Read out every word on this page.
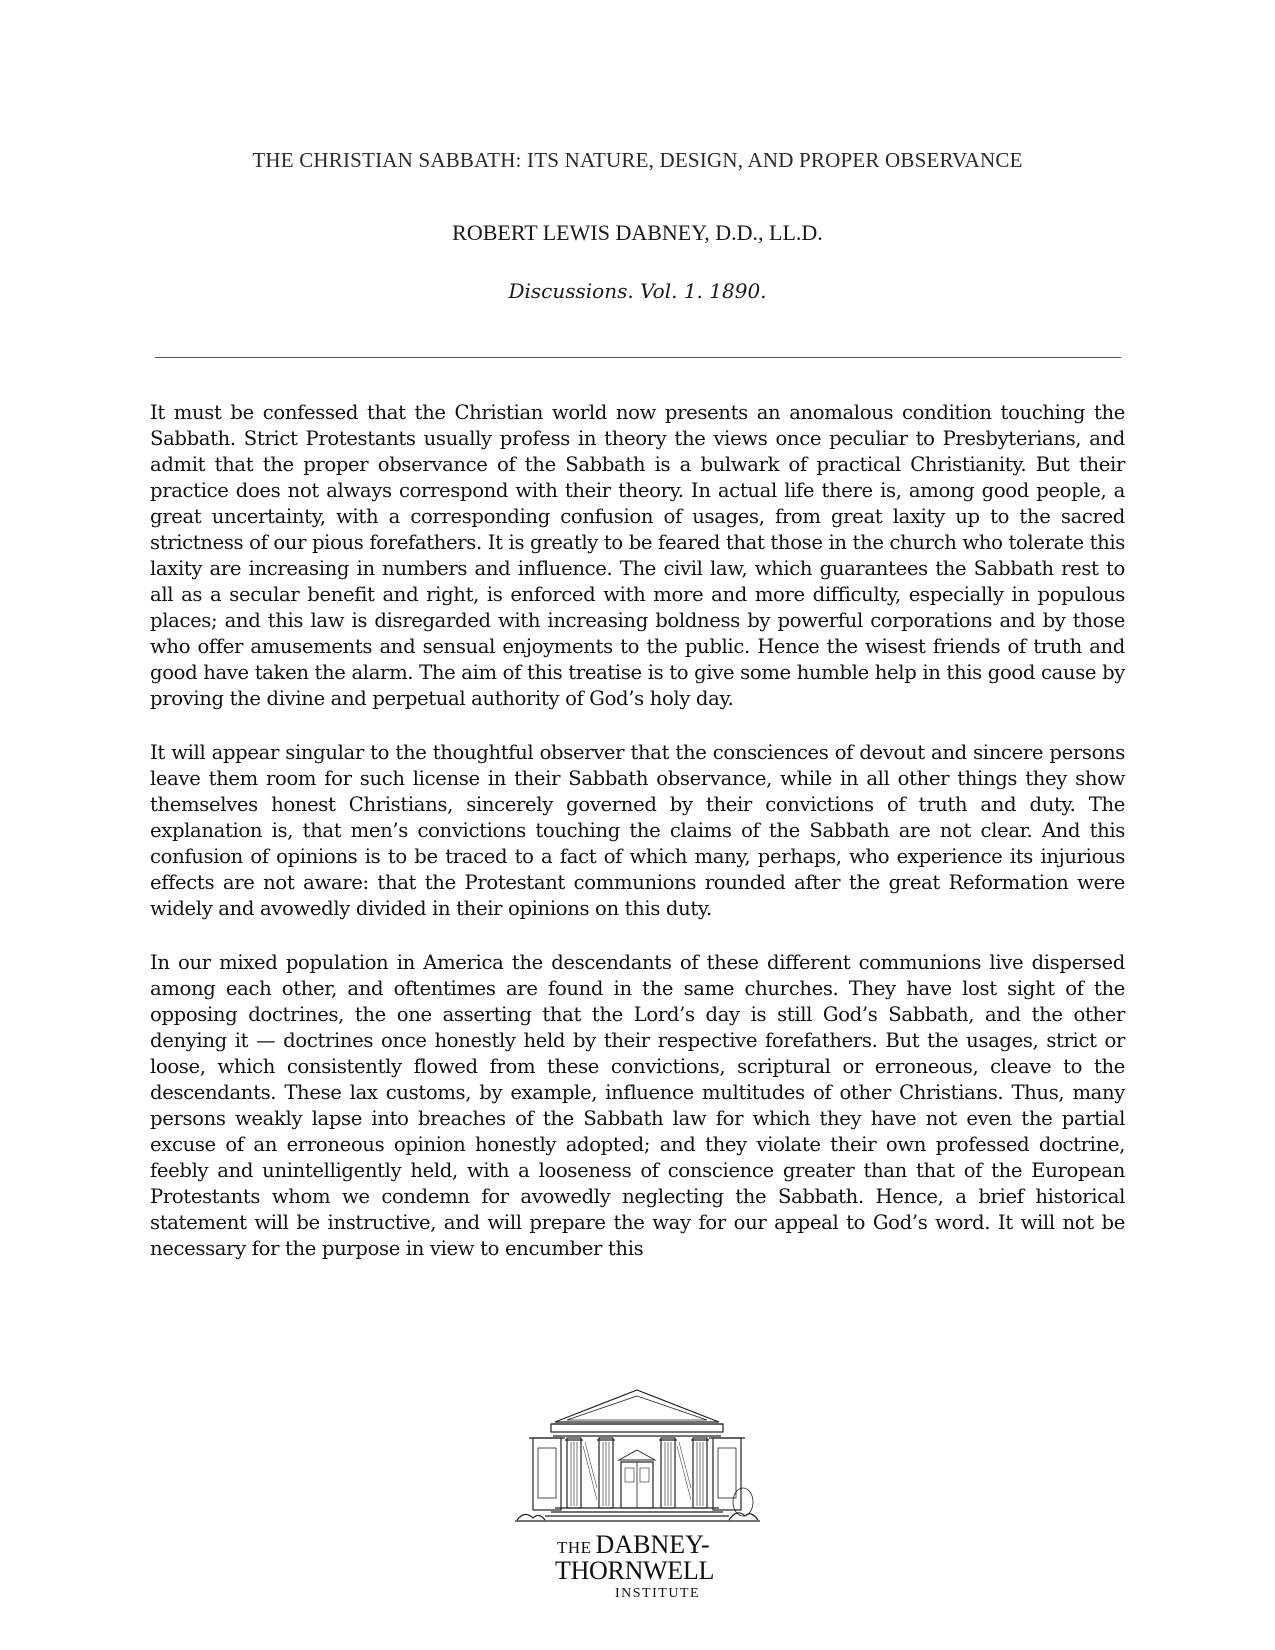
THE CHRISTIAN SABBATH: ITS NATURE, DESIGN, AND PROPER OBSERVANCE
ROBERT LEWIS DABNEY, D.D., LL.D.
Discussions. Vol. 1. 1890.

It must be confessed that the Christian world now presents an anomalous condition touching the Sabbath. Strict Protestants usually profess in theory the views once peculiar to Presbyterians, and admit that the proper observance of the Sabbath is a bulwark of practical Christianity. But their practice does not always correspond with their theory. In actual life there is, among good people, a great uncertainty, with a corresponding confusion of usages, from great laxity up to the sacred strictness of our pious forefathers. It is greatly to be feared that those in the church who tolerate this laxity are increasing in numbers and influence. The civil law, which guarantees the Sabbath rest to all as a secular benefit and right, is enforced with more and more difficulty, especially in populous places; and this law is disregarded with increasing boldness by powerful corporations and by those who offer amusements and sensual enjoyments to the public. Hence the wisest friends of truth and good have taken the alarm. The aim of this treatise is to give some humble help in this good cause by proving the divine and perpetual authority of God’s holy day.

It will appear singular to the thoughtful observer that the consciences of devout and sincere persons leave them room for such license in their Sabbath observance, while in all other things they show themselves honest Christians, sincerely governed by their convictions of truth and duty. The explanation is, that men’s convictions touching the claims of the Sabbath are not clear. And this confusion of opinions is to be traced to a fact of which many, perhaps, who experience its injurious effects are not aware: that the Protestant communions rounded after the great Reformation were widely and avowedly divided in their opinions on this duty.

In our mixed population in America the descendants of these different communions live dispersed among each other, and oftentimes are found in the same churches. They have lost sight of the opposing doctrines, the one asserting that the Lord’s day is still God’s Sabbath, and the other denying it — doctrines once honestly held by their respective forefathers. But the usages, strict or loose, which consistently flowed from these convictions, scriptural or erroneous, cleave to the descendants. These lax customs, by example, influence multitudes of other Christians. Thus, many persons weakly lapse into breaches of the Sabbath law for which they have not even the partial excuse of an erroneous opinion honestly adopted; and they violate their own professed doctrine, feebly and unintelligently held, with a looseness of conscience greater than that of the European Protestants whom we condemn for avowedly neglecting the Sabbath. Hence, a brief historical statement will be instructive, and will prepare the way for our appeal to God’s word. It will not be necessary for the purpose in view to encumber this

THE DABNEY-
THORNWELL
INSTITUTE
